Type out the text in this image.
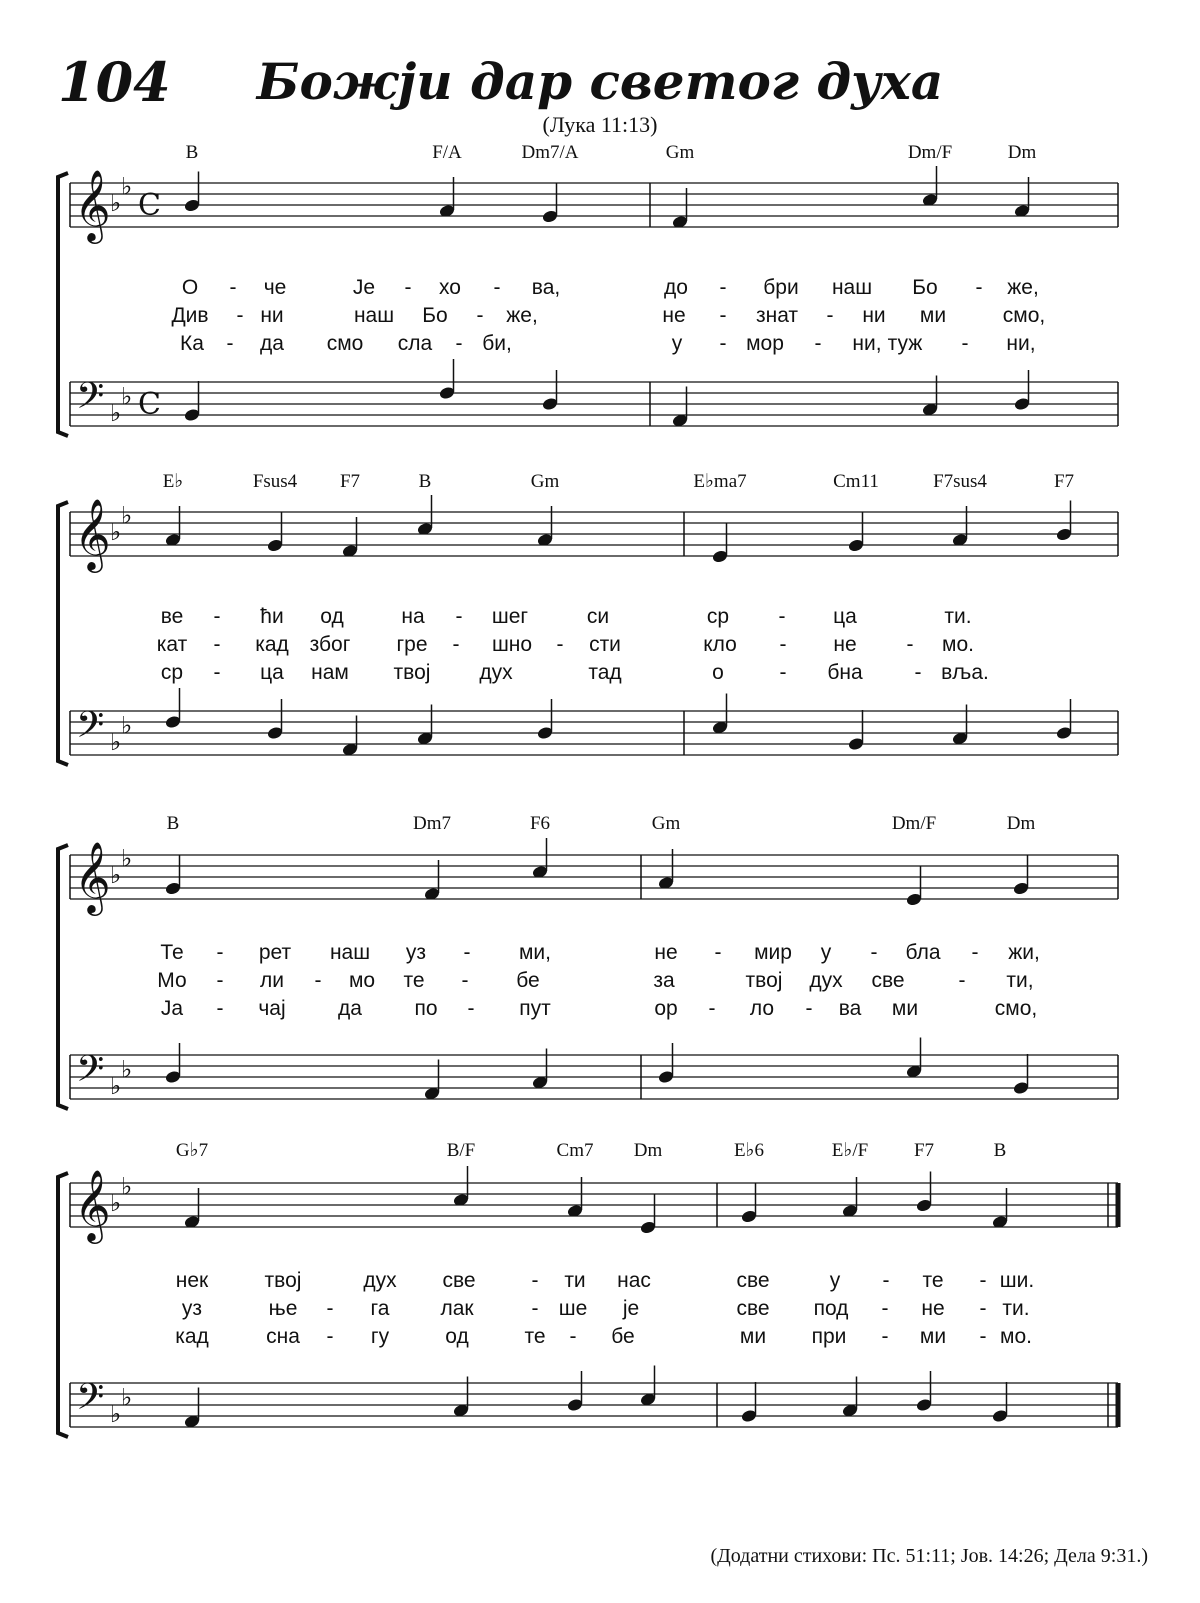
104	Божји дар светог духа
(Лука 11:13)
𝄞 ♭
♭
C
𝄢 ♭
♭ C
B	F/A	Dm7/A	Gm	Dm/F	Dm
О - че	Је - хо - ва,	до - бри наш Бо - же,
Див - ни	наш Бо - же,	не - знат - ни ми	смо,
Ка - да смо сла - би,	у - мор - ни, туж - ни,
𝄞 ♭
♭
𝄢 ♭
♭
E♭	Fsus4 F7	B	Gm	E♭ma7	Cm11	F7sus4	F7
ве - ћи од	на - шег	си	ср - ца	ти.
кат - кад због гре - шно - сти	кло - не - мо.
ср - ца нам твој дух	тад	о	- бна - вља.
𝄞 ♭
♭
𝄢 ♭
♭
B	Dm7	F6	Gm	Dm/F	Dm
Те - рет наш уз - ми,	не - мир у - бла - жи,
Мо - ли - мо те - бе	за	твој дух све	- ти,
Ја - чај да	по - пут	ор - ло - ва ми	смо,
𝄞 ♭
♭
𝄢 ♭
♭
G♭7	B/F	Cm7 Dm	E♭6	E♭/F F7	B
нек	твој	дух све	- ти нас	све	у - те - ши.
уз	ње - га лак	- ше је	све под - не - ти.
кад	сна - гу	од	те - бе	ми при - ми - мо.
(Додатни стихови: Пс. 51:11; Јов. 14:26; Дела 9:31.)
